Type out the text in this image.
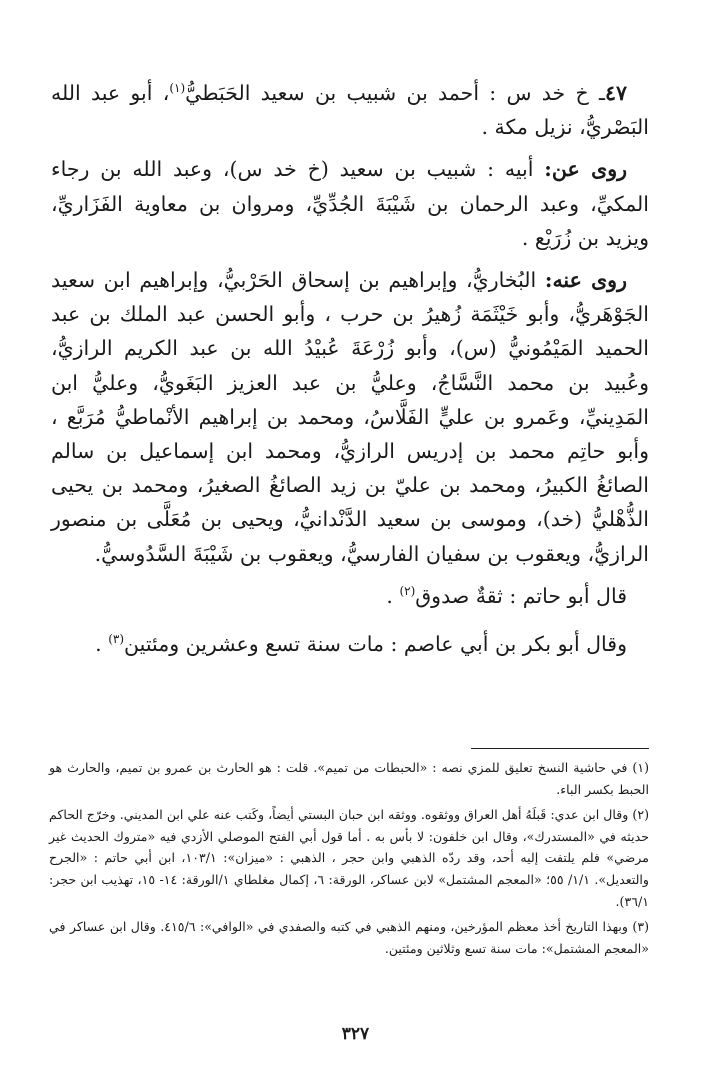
٤٧ـ خ خد س : أحمد بن شبيب بن سعيد الحَبَطيُّ$^{(١)}$، أبو عبد الله البَصْريُّ، نزيل مكة .

روى عن: أبيه : شبيب بن سعيد (خ خد س)، وعبد الله بن رجاء المكيِّ، وعبد الرحمان بن شَيْبَةَ الجُدِّيِّ، ومروان بن معاوية الفَزَاريِّ، ويزيد بن زُرَيْع .

روى عنه: البُخاريُّ، وإبراهيم بن إسحاق الحَرْبيُّ، وإبراهيم ابن سعيد الجَوْهَريُّ، وأبو خَيْثَمَة زُهيرُ بن حرب ، وأبو الحسن عبد الملك بن عبد الحميد المَيْمُونيُّ (س)، وأبو زُرْعَةَ عُبيْدُ الله بن عبد الكريم الرازيُّ، وعُبيد بن محمد النَّسَّاجُ، وعليُّ بن عبد العزيز البَغَويُّ، وعليُّ ابن المَدِينيِّ، وعَمرو بن عليٍّ الفَلَّاسُ، ومحمد بن إبراهيم الأنْماطيُّ مُرَبَّع ، وأبو حاتِم محمد بن إدريس الرازيُّ، ومحمد ابن إسماعيل بن سالم الصائغُ الكبيرُ، ومحمد بن عليّ بن زيد الصائغُ الصغيرُ، ومحمد بن يحيى الذُّهْليُّ (خد)، وموسى بن سعيد الدَّنْدانيُّ، ويحيى بن مُعَلَّى بن منصور الرازيُّ، ويعقوب بن سفيان الفارسيُّ، ويعقوب بن شَيْبَةَ السَّدُوسيُّ.

قال أبو حاتم : ثقةٌ صدوق$^{(٢)}$ .

وقال أبو بكر بن أبي عاصم : مات سنة تسع وعشرين ومئتين$^{(٣)}$ .

(١) في حاشية النسخ تعليق للمزي نصه : «الحبطات من تميم». قلت : هو الحارث بن عمرو بن تميم، والحارث هو الحبط بكسر الباء.

(٢) وقال ابن عدي: قَبلَهُ أهل العراق ووثقوه. ووثقه ابن حبان البستي أيضاً، وكَتب عنه علي ابن المديني. وخرّج الحاكم حديثه في «المستدرك»، وقال ابن خلفون: لا بأس به . أما قول أبي الفتح الموصلي الأزدي فيه «متروك الحديث غير مرضي» فلم يلتفت إليه أحد، وقد ردّه الذهبي وابن حجر ، الذهبي : «ميزان»: ١٠٣/١، ابن أبي حاتم : «الجرح والتعديل». ١/١/ ٥٥؛ «المعجم المشتمل» لابن عساكر، الورقة: ٦، إكمال مغلطاي ١/الورقة: ١٤- ١٥، تهذيب ابن حجر: ٣٦/١).

(٣) وبهذا التاريخ أخذ معظم المؤرخين، ومنهم الذهبي في كتبه والصفدي في «الوافي»: ٤١٥/٦. وقال ابن عساكر في «المعجم المشتمل»: مات سنة تسع وثلاثين ومئتين.

٣٢٧
